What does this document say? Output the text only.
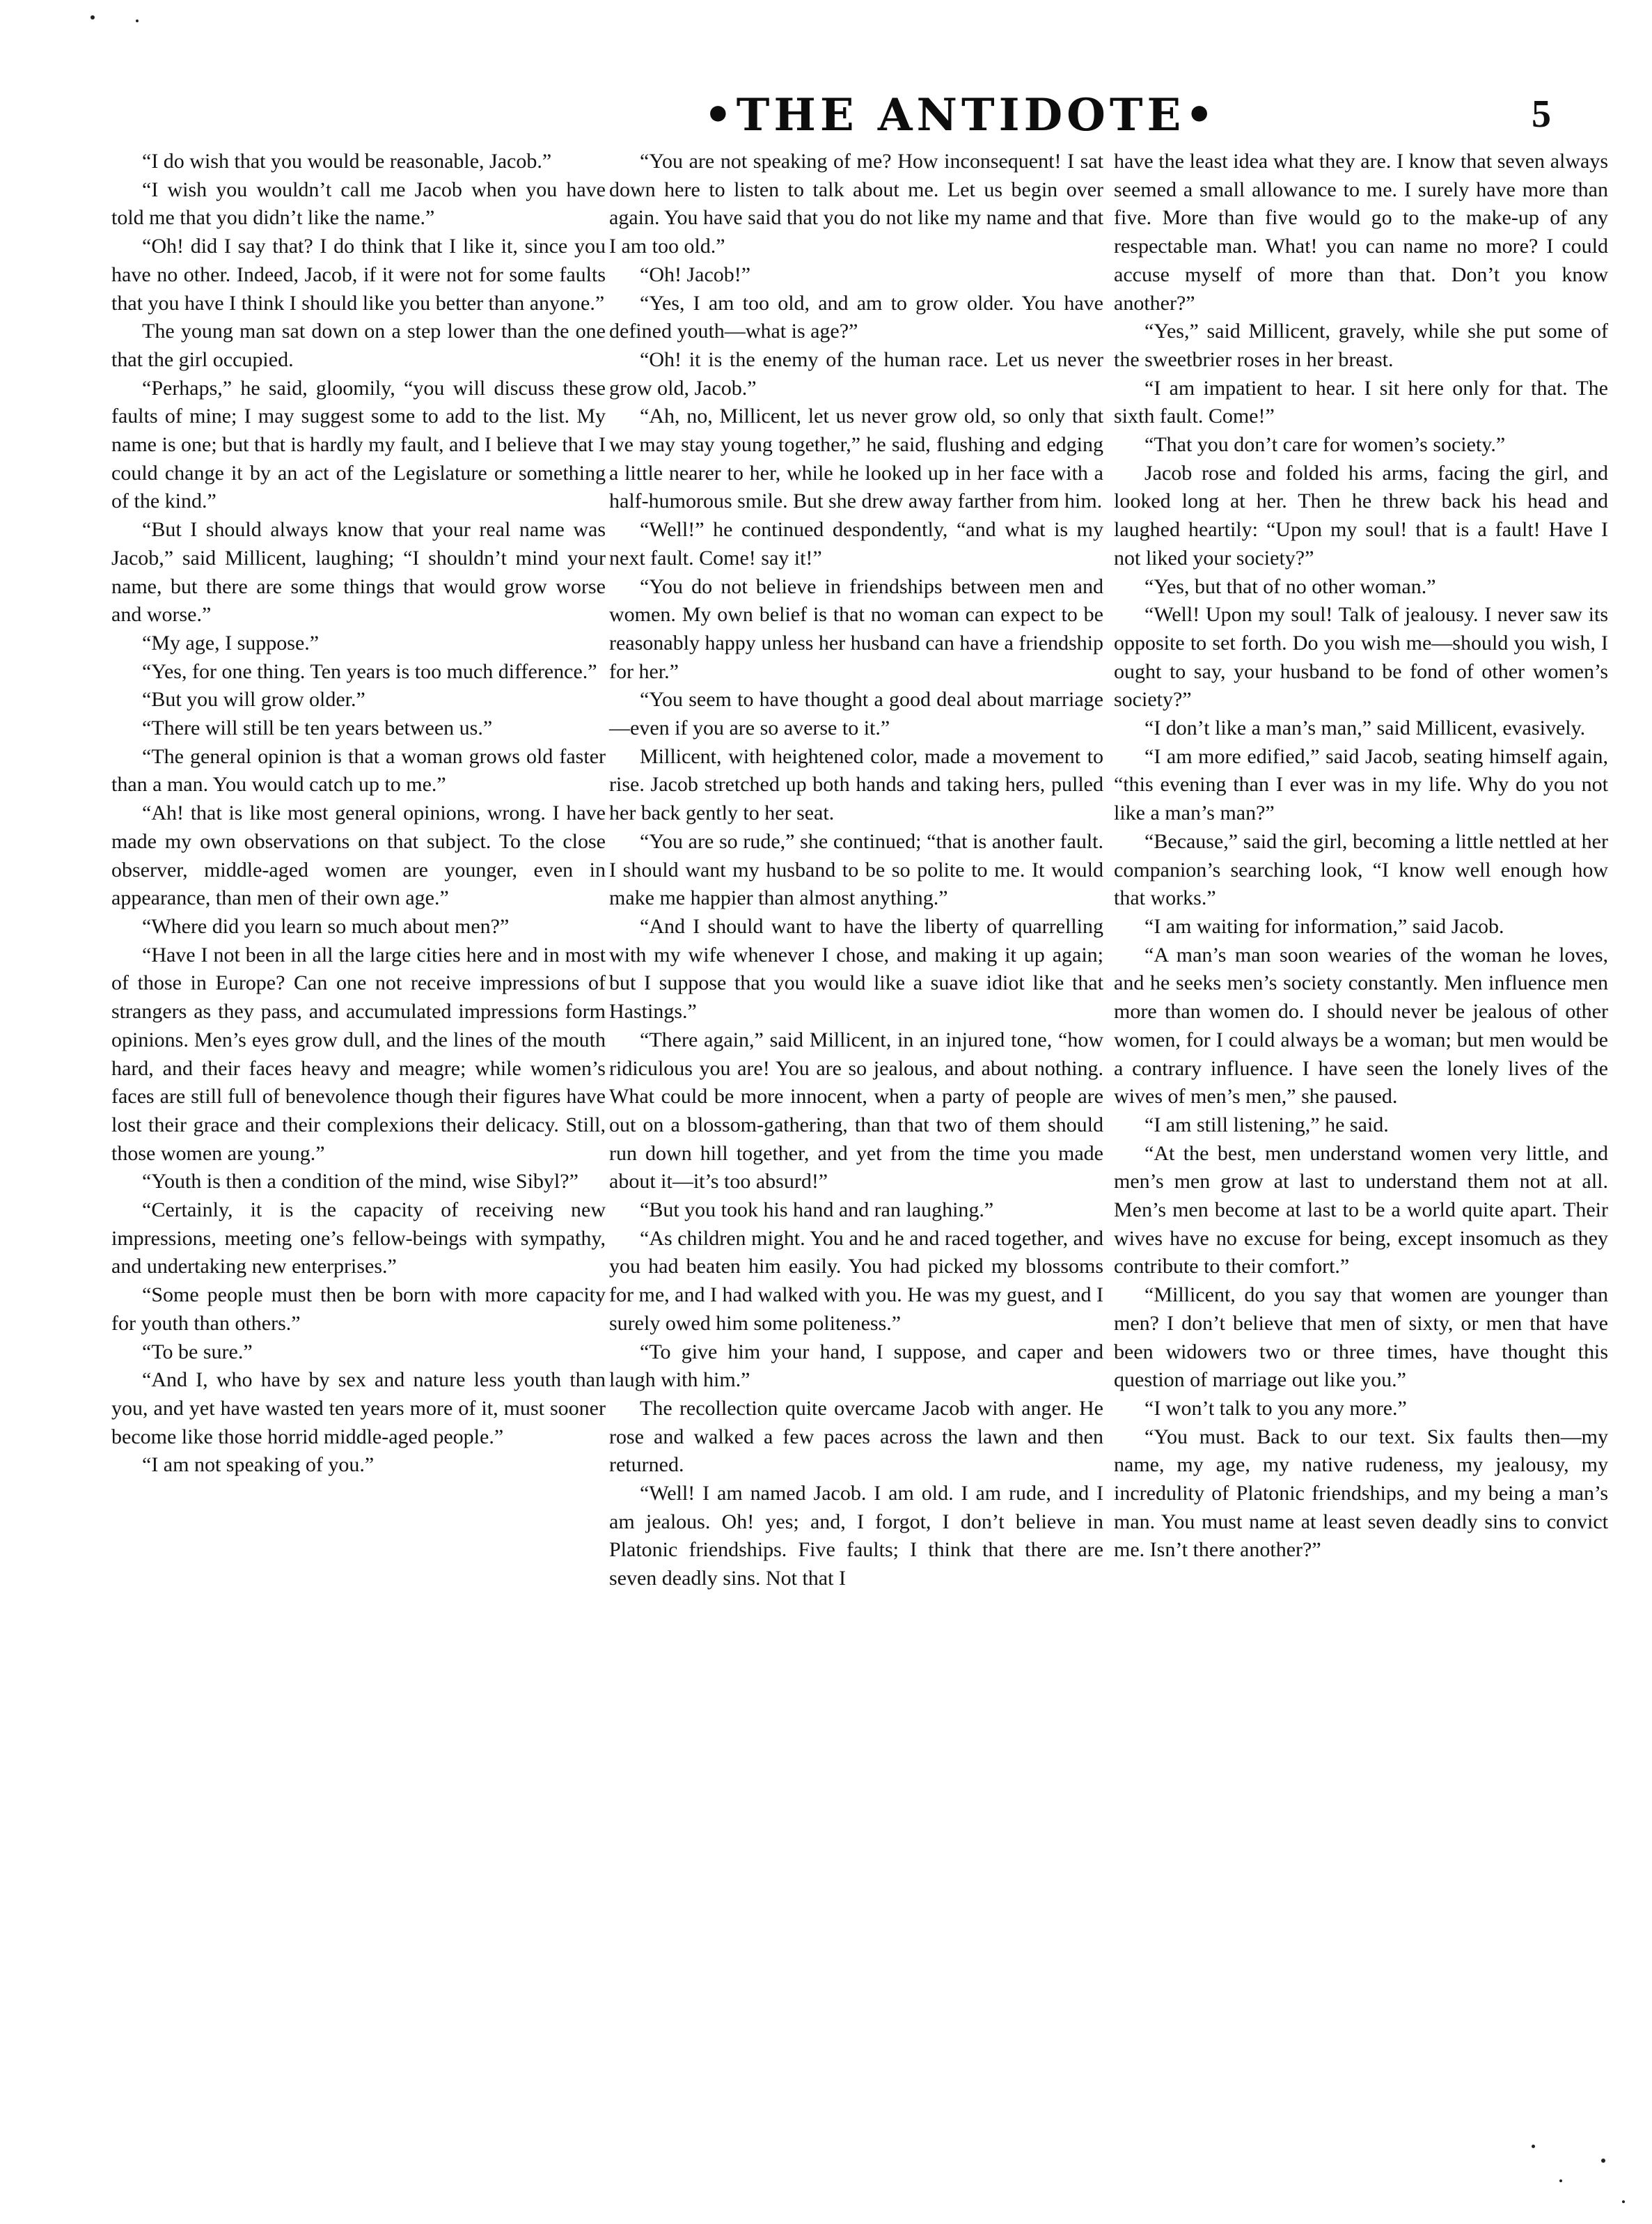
•THE ANTIDOTE•	5

“I do wish that you would be reasonable, Jacob.”

“I wish you wouldn’t call me Jacob when you have told me that you didn’t like the name.”

“Oh! did I say that? I do think that I like it, since you have no other. Indeed, Jacob, if it were not for some faults that you have I think I should like you better than anyone.”

The young man sat down on a step lower than the one that the girl occupied.

“Perhaps,” he said, gloomily, “you will discuss these faults of mine; I may suggest some to add to the list. My name is one; but that is hardly my fault, and I believe that I could change it by an act of the Legislature or something of the kind.”

“But I should always know that your real name was Jacob,” said Millicent, laughing; “I shouldn’t mind your name, but there are some things that would grow worse and worse.”

“My age, I suppose.”

“Yes, for one thing. Ten years is too much difference.”

“But you will grow older.”

“There will still be ten years between us.”

“The general opinion is that a woman grows old faster than a man. You would catch up to me.”

“Ah! that is like most general opinions, wrong. I have made my own observations on that subject. To the close observer, middle-aged women are younger, even in appearance, than men of their own age.”

“Where did you learn so much about men?”

“Have I not been in all the large cities here and in most of those in Europe? Can one not receive impressions of strangers as they pass, and accumulated impressions form opinions. Men’s eyes grow dull, and the lines of the mouth hard, and their faces heavy and meagre; while women’s faces are still full of benevolence though their figures have lost their grace and their complexions their delicacy. Still, those women are young.”

“Youth is then a condition of the mind, wise Sibyl?”

“Certainly, it is the capacity of receiving new impressions, meeting one’s fellow-beings with sympathy, and undertaking new enterprises.”

“Some people must then be born with more capacity for youth than others.”

“To be sure.”

“And I, who have by sex and nature less youth than you, and yet have wasted ten years more of it, must sooner become like those horrid middle-aged people.”

“I am not speaking of you.”

“You are not speaking of me? How inconsequent! I sat down here to listen to talk about me. Let us begin over again. You have said that you do not like my name and that I am too old.”

“Oh! Jacob!”

“Yes, I am too old, and am to grow older. You have defined youth—what is age?”

“Oh! it is the enemy of the human race. Let us never grow old, Jacob.”

“Ah, no, Millicent, let us never grow old, so only that we may stay young together,” he said, flushing and edging a little nearer to her, while he looked up in her face with a half-humorous smile. But she drew away farther from him.

“Well!” he continued despondently, “and what is my next fault. Come! say it!”

“You do not believe in friendships between men and women. My own belief is that no woman can expect to be reasonably happy unless her husband can have a friendship for her.”

“You seem to have thought a good deal about marriage—even if you are so averse to it.”

Millicent, with heightened color, made a movement to rise. Jacob stretched up both hands and taking hers, pulled her back gently to her seat.

“You are so rude,” she continued; “that is another fault. I should want my husband to be so polite to me. It would make me happier than almost anything.”

“And I should want to have the liberty of quarrelling with my wife whenever I chose, and making it up again; but I suppose that you would like a suave idiot like that Hastings.”

“There again,” said Millicent, in an injured tone, “how ridiculous you are! You are so jealous, and about nothing. What could be more innocent, when a party of people are out on a blossom-gathering, than that two of them should run down hill together, and yet from the time you made about it—it’s too absurd!”

“But you took his hand and ran laughing.”

“As children might. You and he and raced together, and you had beaten him easily. You had picked my blossoms for me, and I had walked with you. He was my guest, and I surely owed him some politeness.”

“To give him your hand, I suppose, and caper and laugh with him.”

The recollection quite overcame Jacob with anger. He rose and walked a few paces across the lawn and then returned.

“Well! I am named Jacob. I am old. I am rude, and I am jealous. Oh! yes; and, I forgot, I don’t believe in Platonic friendships. Five faults; I think that there are seven deadly sins. Not that I

have the least idea what they are. I know that seven always seemed a small allowance to me. I surely have more than five. More than five would go to the make-up of any respectable man. What! you can name no more? I could accuse myself of more than that. Don’t you know another?”

“Yes,” said Millicent, gravely, while she put some of the sweetbrier roses in her breast.

“I am impatient to hear. I sit here only for that. The sixth fault. Come!”

“That you don’t care for women’s society.”

Jacob rose and folded his arms, facing the girl, and looked long at her. Then he threw back his head and laughed heartily: “Upon my soul! that is a fault! Have I not liked your society?”

“Yes, but that of no other woman.”

“Well! Upon my soul! Talk of jealousy. I never saw its opposite to set forth. Do you wish me—should you wish, I ought to say, your husband to be fond of other women’s society?”

“I don’t like a man’s man,” said Millicent, evasively.

“I am more edified,” said Jacob, seating himself again, “this evening than I ever was in my life. Why do you not like a man’s man?”

“Because,” said the girl, becoming a little nettled at her companion’s searching look, “I know well enough how that works.”

“I am waiting for information,” said Jacob.

“A man’s man soon wearies of the woman he loves, and he seeks men’s society constantly. Men influence men more than women do. I should never be jealous of other women, for I could always be a woman; but men would be a contrary influence. I have seen the lonely lives of the wives of men’s men,” she paused.

“I am still listening,” he said.

“At the best, men understand women very little, and men’s men grow at last to understand them not at all. Men’s men become at last to be a world quite apart. Their wives have no excuse for being, except insomuch as they contribute to their comfort.”

“Millicent, do you say that women are younger than men? I don’t believe that men of sixty, or men that have been widowers two or three times, have thought this question of marriage out like you.”

“I won’t talk to you any more.”

“You must. Back to our text. Six faults then—my name, my age, my native rudeness, my jealousy, my incredulity of Platonic friendships, and my being a man’s man. You must name at least seven deadly sins to convict me. Isn’t there another?”
